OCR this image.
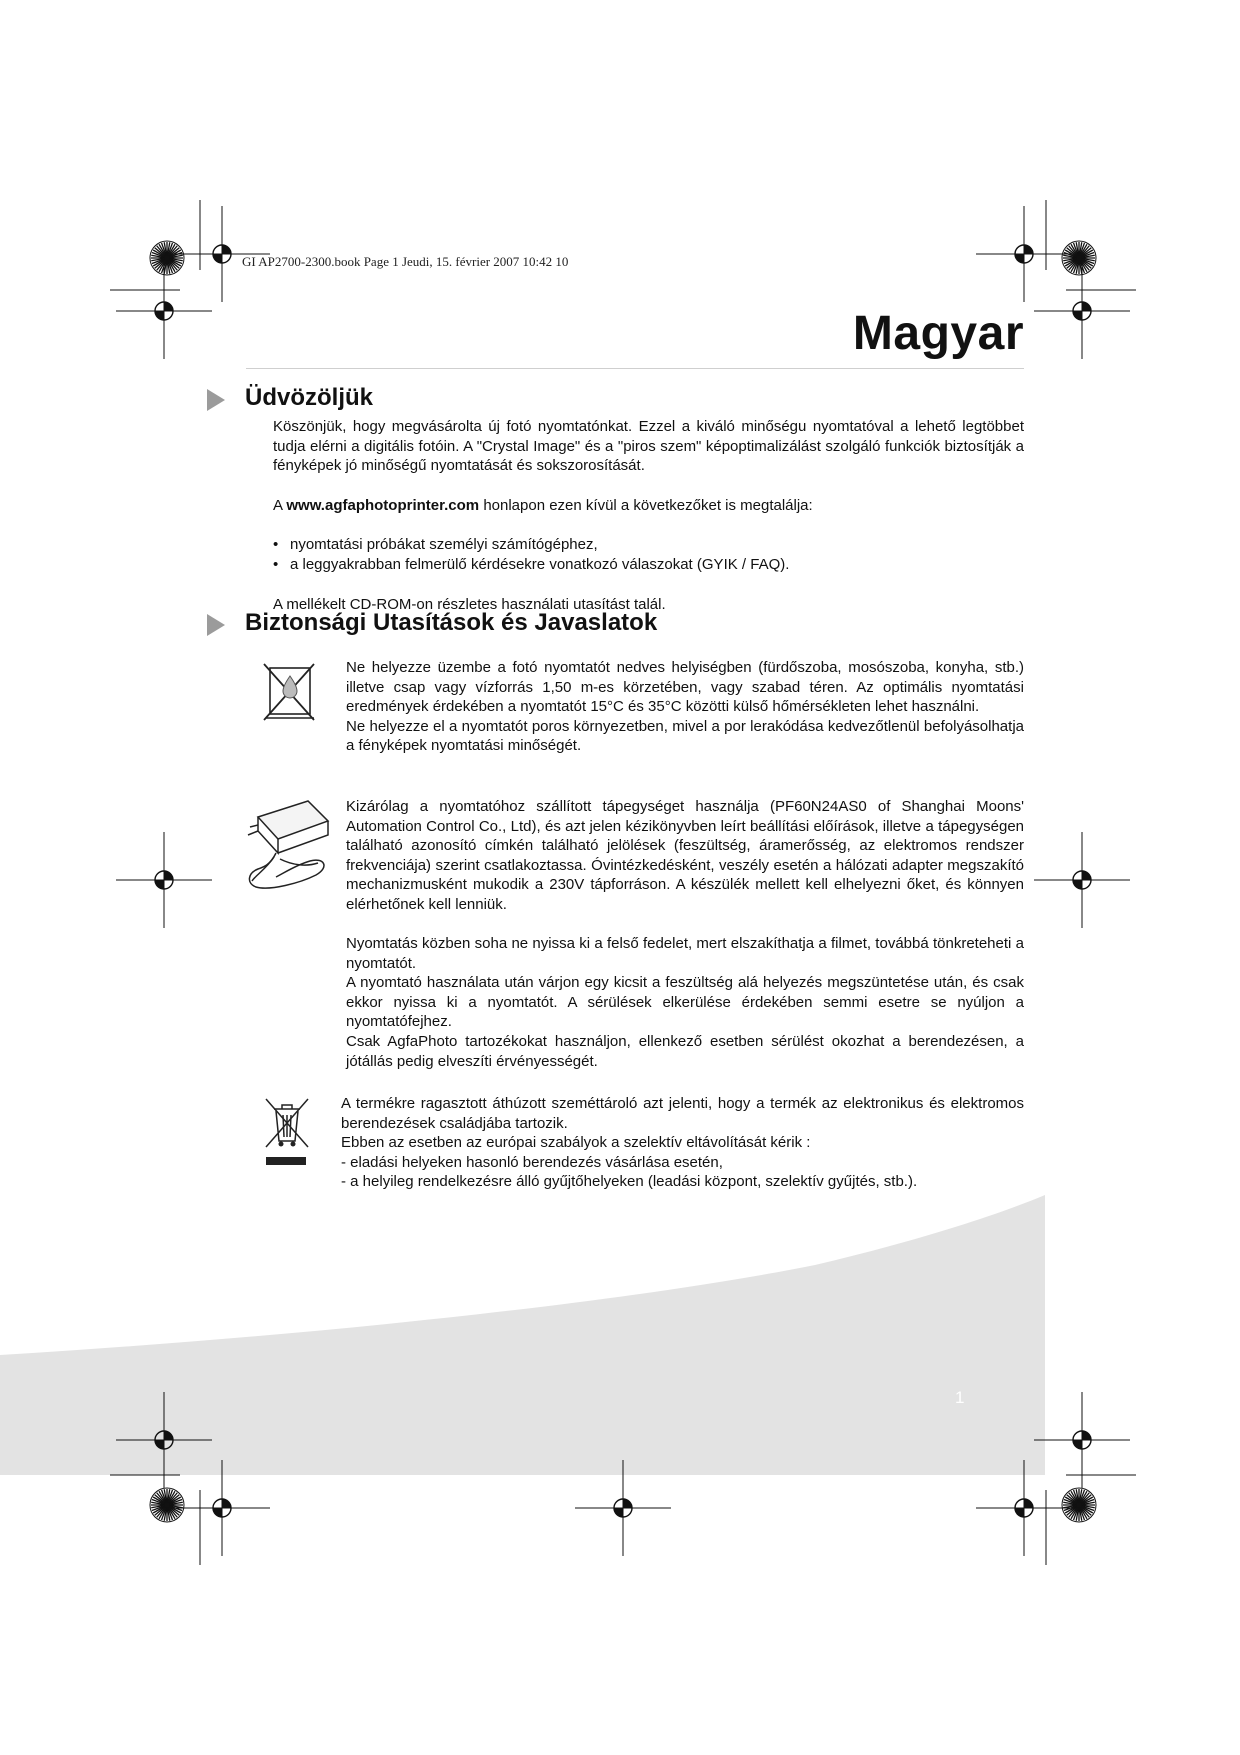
GI AP2700-2300.book Page 1 Jeudi, 15. février 2007 10:42 10
Magyar
Üdvözöljük

Köszönjük, hogy megvásárolta új fotó nyomtatónkat. Ezzel a kiváló minőségu nyomtatóval a lehető legtöbbet tudja elérni a digitális fotóin. A "Crystal Image" és a "piros szem" képoptimalizálást szolgáló funkciók biztosítják a fényképek jó minőségű nyomtatását és sokszorosítását.

A www.agfaphotoprinter.com honlapon ezen kívül a következőket is megtalálja:

• nyomtatási próbákat személyi számítógéphez,

• a leggyakrabban felmerülő kérdésekre vonatkozó válaszokat (GYIK / FAQ).

A mellékelt CD-ROM-on részletes használati utasítást talál.

Biztonsági Utasítások és Javaslatok

Ne helyezze üzembe a fotó nyomtatót nedves helyiségben (fürdőszoba, mosószoba, konyha, stb.) illetve csap vagy vízforrás 1,50 m-es körzetében, vagy szabad téren. Az optimális nyomtatási eredmények érdekében a nyomtatót 15°C és 35°C közötti külső hőmérsékleten lehet használni.

Ne helyezze el a nyomtatót poros környezetben, mivel a por lerakódása kedvezőtlenül befolyásolhatja a fényképek nyomtatási minőségét.

Kizárólag a nyomtatóhoz szállított tápegységet használja (PF60N24AS0 of Shanghai Moons' Automation Control Co., Ltd), és azt jelen kézikönyvben leírt beállítási előírások, illetve a tápegységen található azonosító címkén található jelölések (feszültség, áramerősség, az elektromos rendszer frekvenciája) szerint csatlakoztassa. Óvintézkedésként, veszély esetén a hálózati adapter megszakító mechanizmusként mukodik a 230V tápforráson. A készülék mellett kell elhelyezni őket, és könnyen elérhetőnek kell lenniük.

Nyomtatás közben soha ne nyissa ki a felső fedelet, mert elszakíthatja a filmet, továbbá tönkreteheti a nyomtatót.

A nyomtató használata után várjon egy kicsit a feszültség alá helyezés megszüntetése után, és csak ekkor nyissa ki a nyomtatót. A sérülések elkerülése érdekében semmi esetre se nyúljon a nyomtatófejhez.

Csak AgfaPhoto tartozékokat használjon, ellenkező esetben sérülést okozhat a berendezésen, a jótállás pedig elveszíti érvényességét.

A termékre ragasztott áthúzott szeméttároló azt jelenti, hogy a termék az elektronikus és elektromos berendezések családjába tartozik.

Ebben az esetben az európai szabályok a szelektív eltávolítását kérik :

- eladási helyeken hasonló berendezés vásárlása esetén,

- a helyileg rendelkezésre álló gyűjtőhelyeken (leadási központ, szelektív gyűjtés, stb.).

1
